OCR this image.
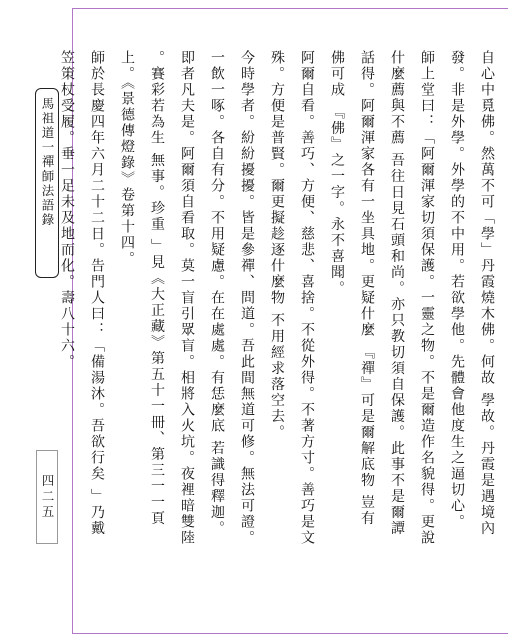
馬祖道一禪師法語錄
四二五	自心中覓佛。然萬不可「學」丹霞燒木佛。何故 學故。丹霞是遇境內

發。非是外學。外學的不中用。若欲學他。先體會他度生之逼切心。

師上堂曰：「阿爾渾家切須保護。一靈之物。不是爾造作名貌得。更說

什麼薦與不薦 吾往日見石頭和尚。亦只教切須自保護。此事不是爾譚

話得。阿爾渾家各有一坐具地。更疑什麼 『禪』可是爾解底物 豈有

佛可成 『佛』之一字。永不喜聞。

阿爾自看。善巧、方便、慈悲、喜捨。不從外得。不著方寸。善巧是文

殊。方便是普賢。爾更擬趁逐什麼物 不用經求落空去。

今時學者。紛紛擾擾。皆是參禪、問道。吾此間無道可修。無法可證。

一飲一啄。各自有分。不用疑慮。在在處處。有恁麼底 若識得釋迦。

即者凡夫是。阿爾須自看取。莫一盲引眾盲。相將入火坑。夜裡暗雙陸

。賽彩若為生 無事。珍重 」見《大正藏》第五十一冊、第三一一頁

上。《景德傳燈錄》卷第十四。

師於長慶四年六月二十二日。告門人曰：「備湯沐。吾欲行矣 」乃戴

笠策杖受履。垂一足未及地而化。壽八十六。
